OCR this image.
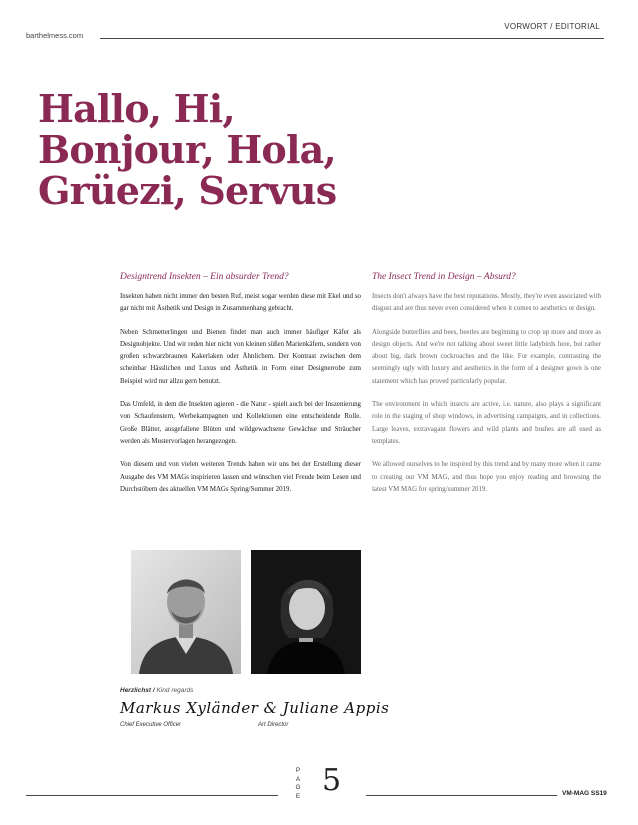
barthelmess.com
VORWORT / EDITORIAL
Hallo, Hi,
Bonjour, Hola,
Grüezi, Servus
Designtrend Insekten – Ein absurder Trend?	The Insect Trend in Design – Absurd?

Insekten haben nicht immer den besten Ruf, meist sogar werden diese mit Ekel und so gar nicht mit Ästhetik und Design in Zusammenhang gebracht.

Neben Schmetterlingen und Bienen findet man auch immer häufiger Käfer als Designobjekte. Und wir reden hier nicht von kleinen süßen Marienkäfern, sondern von großen schwarzbraunen Kakerlaken oder Ähnlichem. Der Kontrast zwischen dem scheinbar Hässlichen und Luxus und Ästhetik in Form einer Designerrobe zum Beispiel wird nur allzu gern benutzt.

Das Umfeld, in dem die Insekten agieren - die Natur - spielt auch bei der Inszenierung von Schaufenstern, Werbekampagnen und Kollektionen eine entscheidende Rolle. Große Blätter, ausgefallene Blüten und wildgewachsene Gewächse und Sträucher werden als Mustervorlagen herangezogen.

Von diesem und von vielen weiteren Trends haben wir uns bei der Erstellung dieser Ausgabe des VM MAGs inspirieren lassen und wünschen viel Freude beim Lesen und Durchstöbern des aktuellen VM MAGs Spring/Summer 2019.

Insects don't always have the best reputations. Mostly, they're even associated with disgust and are thus never even considered when it comes to aesthetics or design.

Alongside butterflies and bees, beetles are beginning to crop up more and more as design objects. And we're not talking about sweet little ladybirds here, but rather about big, dark brown cockroaches and the like. For example, contrasting the seemingly ugly with luxury and aesthetics in the form of a designer gown is one statement which has proved particularly popular.

The environment in which insects are active, i.e. nature, also plays a significant role in the staging of shop windows, in advertising campaigns, and in collections. Large leaves, extravagant flowers and wild plants and bushes are all used as templates.

We allowed ourselves to be inspired by this trend and by many more when it came to creating our VM MAG, and thus hope you enjoy reading and browsing the latest VM MAG for spring/summer 2019.

Herzlichst / Kind regards
Markus Xyländer & Juliane Appis
Chief Executive Officer	Art Director
P
A
G
E 5	VM-MAG SS19
